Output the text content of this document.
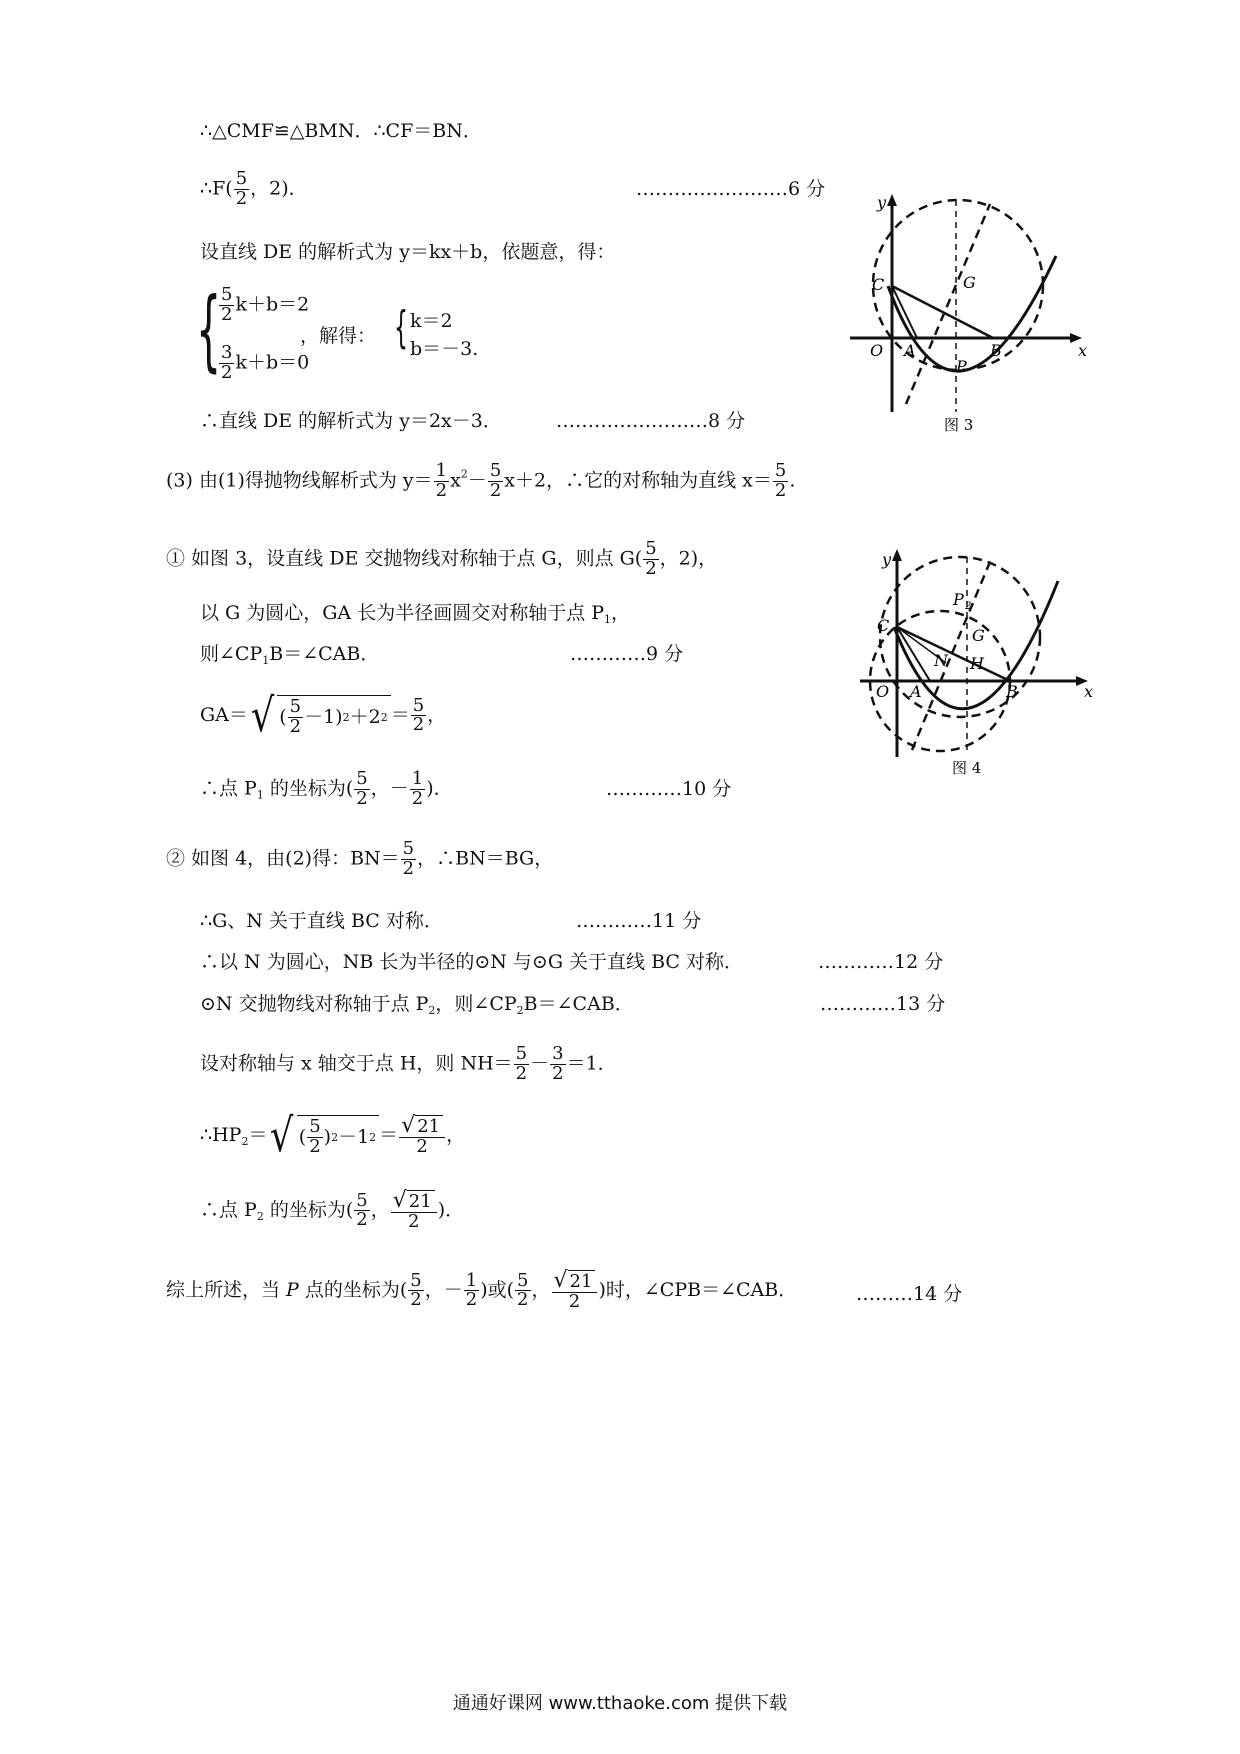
∴△CMF≌△BMN．∴CF＝BN．
∴F( $\frac{5}{2}$ ，2)．	……………………6 分
设直线 DE 的解析式为 y＝kx＋b，依题意，得：
{
$\frac{5}{2} k+b=2$
$\frac{3}{2} k+b=0$
，解得： { k＝2
b＝－3.
∴直线 DE 的解析式为 y＝2x－3．	……………………8 分
(3) 由(1)得抛物线解析式为 $y= \frac{1}{2} x^2- \frac{5}{2} x+2$，∴它的对称轴为直线 $x= \frac{5}{2}$ .
① 如图 3，设直线 DE 交抛物线对称轴于点 G，则点 $G( \frac{5}{2}$ ，2)，
以 G 为圆心，GA 长为半径画圆交对称轴于点 $P_1$，
则$\angle CP_1B=\angle CAB$．	…………9 分
GA＝ √ ( $\frac{5}{2} -1$) 2 ＋2 $2 = \frac{5}{2}$ ，
∴点 $P_1$ 的坐标为( $\frac{5}{2}$ ，－ $\frac{1}{2}$ )．	…………10 分
② 如图 4，由(2)得：$BN= \frac{5}{2}$ ，∴BN＝BG，
∴G、N 关于直线 BC 对称．	…………11 分
∴以 N 为圆心，NB 长为半径的⊙N 与⊙G 关于直线 BC 对称．	…………12 分
⊙N 交抛物线对称轴于点 $P_2$，则$\angle CP_2B=\angle CAB$．	…………13 分
设对称轴与 x 轴交于点 H，则 $NH= \frac{5}{2} - \frac{3}{2} =1$．
$\therefore HP_2=$ √ ( $\frac{5}{2}$ ) 2 －1 $2 = \frac{√ 21}{2}$ ，
∴点 $P_2$ 的坐标为( $\frac{5}{2}$ ， $\frac{√ 21}{2}$ )．
综上所述，当 P 点的坐标为( $\frac{5}{2}$ ，－ $\frac{1}{2}$ )或( $\frac{5}{2}$ ， $\frac{√ 21}{2}$ )时，∠CPB＝∠CAB．	………14 分
y
x
O A	B
C	G
P
图 3
y
x
O A	B
C
G
N H
P 2
图 4
通通好课网 www.tthaoke.com 提供下载
